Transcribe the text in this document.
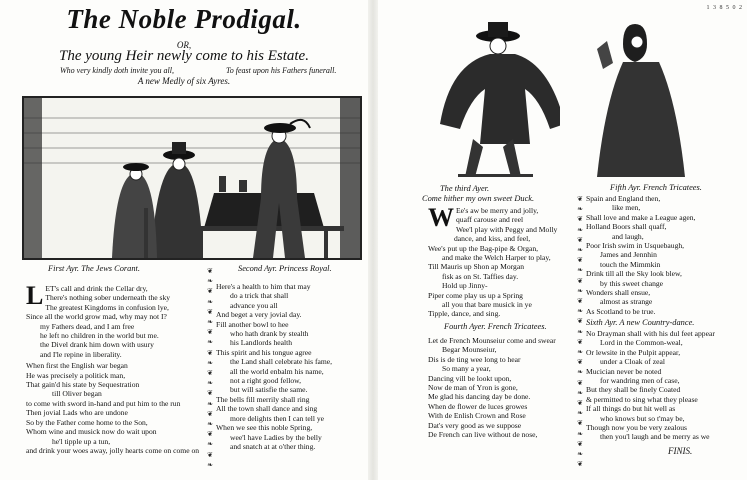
The Noble Prodigal.
OR,
The young Heir newly come to his Estate.
Who very kindly doth invite you all,	To feast upon his Fathers funerall.
A new Medly of six Ayres.
First Ayr. The Jews Corant.	Second Ayr. Princess Royal.
L ET's call and drink the Cellar dry,
There's nothing sober underneath the sky
The greatest Kingdoms in confusion lye,
Since all the world grow mad, why may not I?
my Fathers dead, and I am free
he left no children in the world but me.
the Divel drank him down with usury
and I'le repine in liberality.
When first the English war began
He was precisely a politick man,
That gain'd his state by Sequestration
till Oliver began
to come with sword in-hand and put him to the run
Then jovial Lads who are undone
So by the Father come home to the Son,
Whom wine and musick now do wait upon
he'l tipple up a tun,
and drink your woes away, jolly hearts come on come on
❦
❧
❦
❧
❦
❧
❦
❧
❦
❧
❦
❧
❦
❧
❦
❧
❦
❧
❦
❧
Here's a health to him that may
do a trick that shall
advance you all
And beget a very jovial day.
Fill another bowl to hee
who hath drank by stealth
his Landlords health
This spirit and his tongue agree
the Land shall celebrate his fame,
all the world enbalm his name,
not a right good fellow,
but will satisfie the same.
The bells fill merrily shall ring
All the town shall dance and sing
more delights then I can tell ye
When we see this noble Spring,
wee'l have Ladies by the belly
and snatch at at o'ther thing.
1 3 8 5 0 2
The third Ayer.
Come hither my own sweet Duck.
Fifth Ayr. French Tricatees.
W Ee's aw be merry and jolly,
quaff carouse and reel
Wee'l play with Peggy and Molly
dance, and kiss, and feel,
Wee's put up the Bag-pipe & Organ,
and make the Welch Harper to play,
Till Mauris up Shon ap Morgan
fisk as on St. Taffies day.
Hold up Jinny-
Piper come play us up a Spring
all you that bare musick in ye
Tipple, dance, and sing.
Fourth Ayer. French Tricatees.
Let de French Mounseiur come and swear
Begar Mounseiur,
Dis is de ting wee long to hear
So many a year,
Dancing vill be lookt upon,
Now de man of Yron is gone,
Me glad his dancing day be done.
When de flower de luces growes
With de Enlish Crown and Rose
Dat's very good as we suppose
De French can live without de nose,
❦
❧
❦
❧
❦
❧
❦
❧
❦
❧
❦
❧
❦
❧
❦
❧
❦
❧
❦
❧
❦
❧
❦
❧
❦
❧
❦
Spain and England then,
like men,
Shall love and make a League agen,
Holland Boors shall quaff,
and laugh,
Poor Irish swim in Usquebaugh,
James and Jennhin
touch the Mimmkin
Drink till all the Sky look blew,
by this sweet change
Wonders shall ensue,
almost as strange
As Scotland to be true.
Sixth Ayr. A new Country-dance.
No Drayman shall with his dul feet appear
Lord in the Common-weal,
Or lewsite in the Pulpit appear,
under a Cloak of zeal
Mucician never be noted
for wandring men of case,
But they shall be finely Coated
& permitted to sing what they please
If all things do but hit well as
who knows but so t'may be,
Though now you be very zealous
then you'l laugh and be merry as we
FINIS.
